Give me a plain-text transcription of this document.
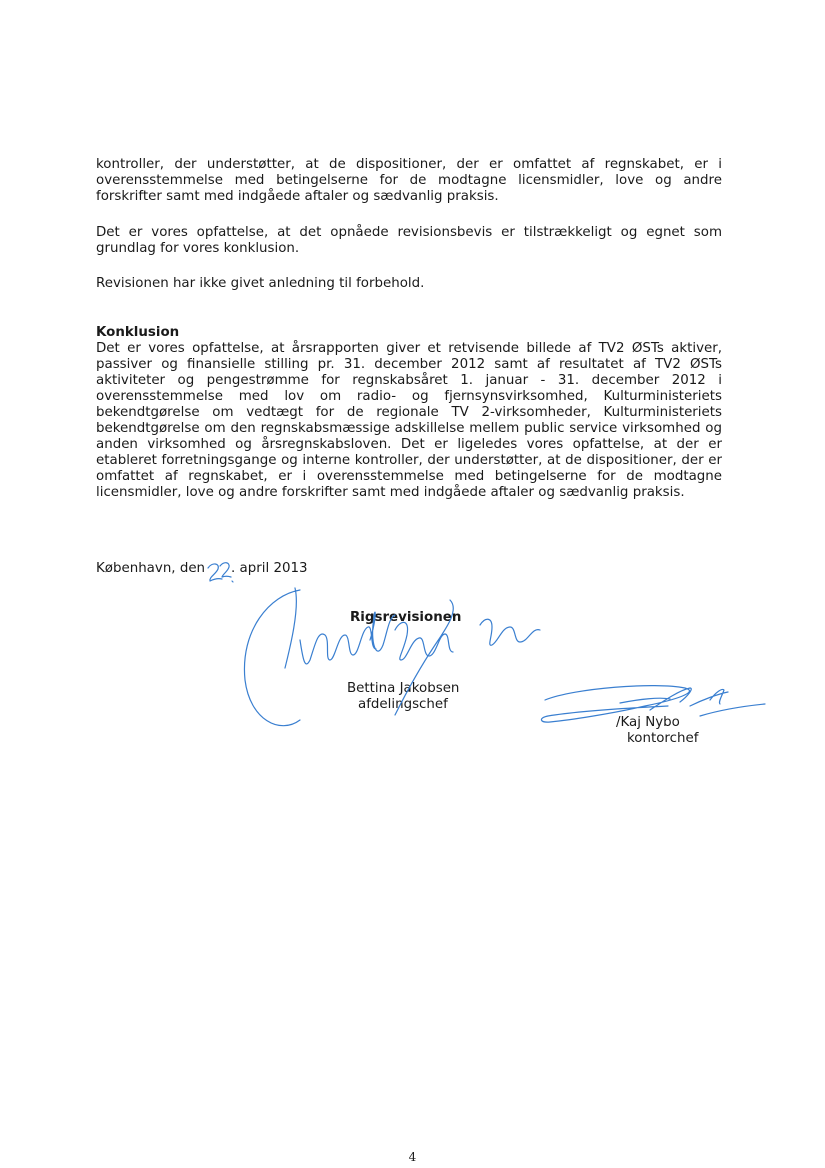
kontroller, der understøtter, at de dispositioner, der er omfattet af regnskabet, er i overensstemmelse med betingelserne for de modtagne licensmidler, love og andre forskrifter samt med indgåede aftaler og sædvanlig praksis.

Det er vores opfattelse, at det opnåede revisionsbevis er tilstrækkeligt og egnet som grundlag for vores konklusion.

Revisionen har ikke givet anledning til forbehold.

Konklusion

Det er vores opfattelse, at årsrapporten giver et retvisende billede af TV2 ØSTs aktiver, passiver og finansielle stilling pr. 31. december 2012 samt af resultatet af TV2 ØSTs aktiviteter og pengestrømme for regnskabsåret 1. januar - 31. december 2012 i overensstemmelse med lov om radio- og fjernsynsvirksomhed, Kulturministeriets bekendtgørelse om vedtægt for de regionale TV 2-virksomheder, Kulturministeriets bekendtgørelse om den regnskabsmæssige adskillelse mellem public service virksomhed og anden virksomhed og årsregnskabsloven. Det er ligeledes vores opfattelse, at der er etableret forretningsgange og interne kontroller, der understøtter, at de dispositioner, der er omfattet af regnskabet, er i overensstemmelse med betingelserne for de modtagne licensmidler, love og andre forskrifter samt med indgåede aftaler og sædvanlig praksis.

København, den . april 2013
Rigsrevisionen
Bettina Jakobsen
afdelingschef
/Kaj Nybo
kontorchef
4
